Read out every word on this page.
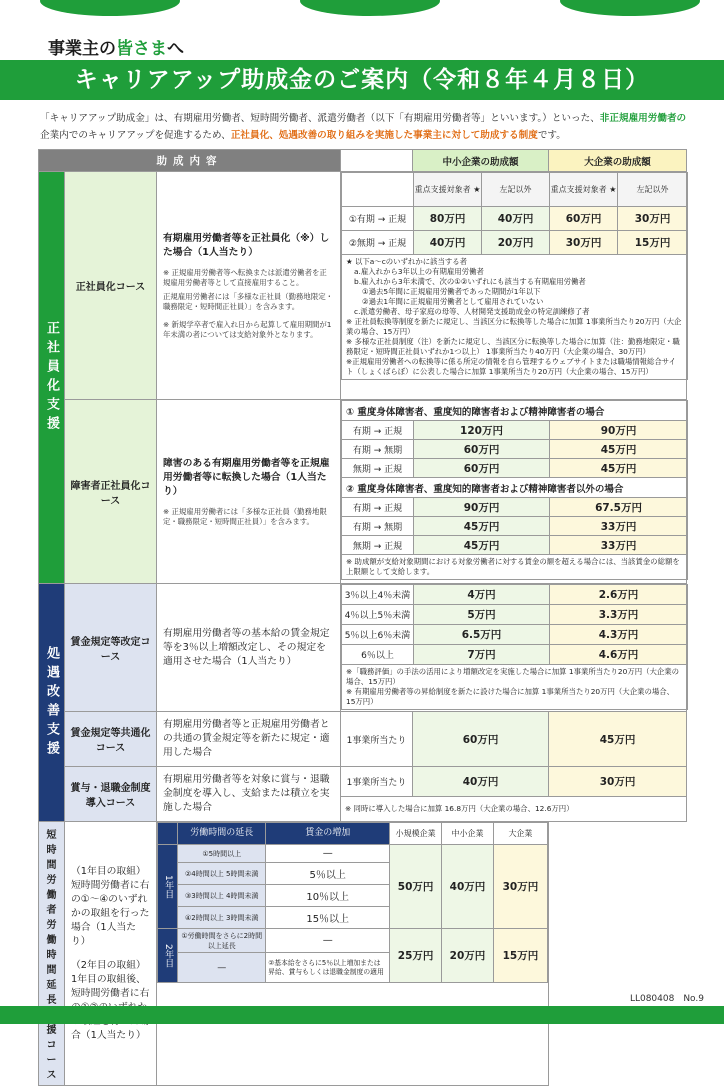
事業主の皆さまへ
キャリアアップ助成金のご案内（令和８年４月８日）
「キャリアアップ助成金」は、有期雇用労働者、短時間労働者、派遣労働者（以下「有期雇用労働者等」といいます。）といった、非正規雇用労働者の企業内でのキャリアアップを促進するため、正社員化、処遇改善の取り組みを実施した事業主に対して助成する制度です。
助成内容		中小企業の助成額	大企業の助成額
正社員化支援	正社員化コース	
有期雇用労働者等を正社員化（※）した場合（1人当たり）
※ 正規雇用労働者等へ転換または派遣労働者を正規雇用労働者等として直接雇用すること。
正規雇用労働者には「多様な正社員（勤務地限定・職務限定・短時間正社員）」を含みます。
※ 新規学卒者で雇入れ日から起算して雇用期間が1年未満の者については支給対象外となります。

	重点支援対象者 ★	左記以外	重点支援対象者 ★	左記以外
①有期 → 正規	80万円	40万円	60万円	30万円
②無期 → 正規	40万円	20万円	30万円	15万円

★ 以下a～cのいずれかに該当する者
a.雇入れから3年以上の有期雇用労働者
b.雇入れから3年未満で、次の①②いずれにも該当する有期雇用労働者
①過去5年間に正規雇用労働者であった期間が1年以下
②過去1年間に正規雇用労働者として雇用されていない
c.派遣労働者、母子家庭の母等、人材開発支援助成金の特定訓練修了者
※ 正社員転換等制度を新たに規定し、当該区分に転換等した場合に加算 1事業所当たり20万円（大企業の場合、15万円）
※ 多様な正社員制度（注）を新たに規定し、当該区分に転換等した場合に加算（注：勤務地限定・職務限定・短時間正社員いずれか1つ以上） 1事業所当たり40万円（大企業の場合、30万円）
※正規雇用労働者への転換等に係る所定の情報を自ら管理するウェブサイトまたは職場情報総合サイト（しょくばらぼ）に公表した場合に加算 1事業所当たり20万円（大企業の場合、15万円）

障害者正社員化コース	
障害のある有期雇用労働者等を正規雇用労働者等に転換した場合（1人当たり）
※ 正規雇用労働者には「多様な正社員（勤務地限定・職務限定・短時間正社員）」を含みます。

① 重度身体障害者、重度知的障害者および精神障害者の場合
有期 → 正規	120万円	90万円
有期 → 無期	60万円	45万円
無期 → 正規	60万円	45万円
② 重度身体障害者、重度知的障害者および精神障害者以外の場合
有期 → 正規	90万円	67.5万円
有期 → 無期	45万円	33万円
無期 → 正規	45万円	33万円
※ 助成額が支給対象期間における対象労働者に対する賃金の額を超える場合には、当該賃金の総額を上限額として支給します。

処遇改善支援	賃金規定等改定コース	
有期雇用労働者等の基本給の賃金規定等を3％以上増額改定し、その規定を適用させた場合（1人当たり）

3％以上4％未満	4万円	2.6万円
4％以上5％未満	5万円	3.3万円
5％以上6％未満	6.5万円	4.3万円
6％以上	7万円	4.6万円

※「職務評価」の手法の活用により増額改定を実施した場合に加算 1事業所当たり20万円（大企業の場合、15万円）
※ 有期雇用労働者等の昇給制度を新たに設けた場合に加算 1事業所当たり20万円（大企業の場合、15万円）

賃金規定等共通化コース	
有期雇用労働者等と正規雇用労働者との共通の賃金規定等を新たに規定・適用した場合
	1事業所当たり	60万円	45万円
賞与・退職金制度導入コース	
有期雇用労働者等を対象に賞与・退職金制度を導入し、支給または積立を実施した場合
	1事業所当たり	40万円	30万円
※ 同時に導入した場合に加算 16.8万円（大企業の場合、12.6万円）
短時間労働者労働時間延長 援コース	
（1年目の取組）短時間労働者に右の①～④のいずれかの取組を行った場合（1人当たり）
（2年目の取組）1年目の取組後、短時間労働者に右 合（1人当たり）

	労働時間の延長	賃金の増加	小規模企業	中小企業	大企業
1年目	①5時間以上	—	50万円	40万円	30万円
②4時間以上 5時間未満	5％以上
③3時間以上 4時間未満	10％以上
④2時間以上 3時間未満	15％以上
2年目	①労働時間をさらに2時間以上延長	—	25万円	20万円	15万円
—	②基本給をさらに5％以上増加または昇給、賞与もしくは退職金制度の適用
LL080408　No.9
